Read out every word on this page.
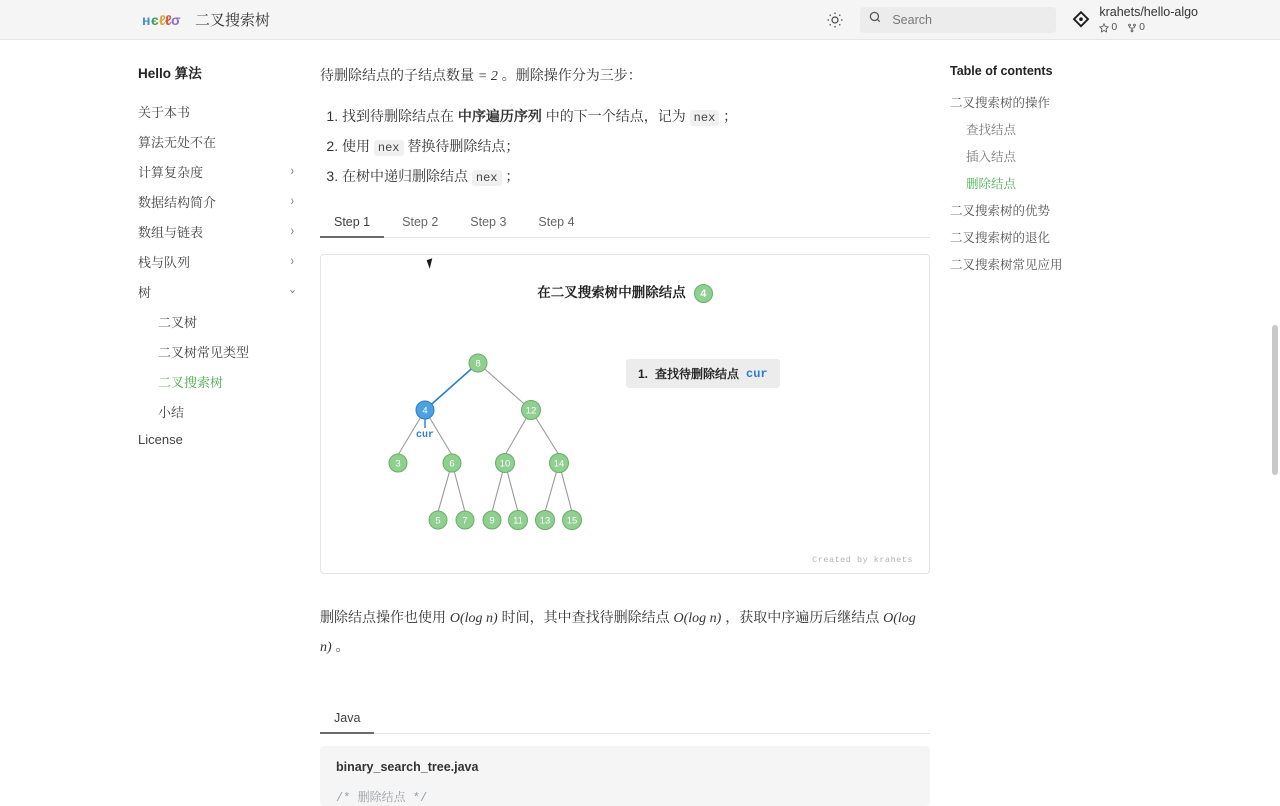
н є ℓ ℓ σ 二叉搜索树
Search
krahets/hello-algo
0 0
Hello 算法
关于本书
算法无处不在
计算复杂度	›
数据结构简介	›
数组与链表	›
栈与队列	›
树	›
二叉树
二叉树常见类型
二叉搜索树
小结
License

待删除结点的子结点数量 = 2 。删除操作分为三步：

1. 找到待删除结点在 中序遍历序列 中的下一个结点，记为 nex ；
2. 使用 nex 替换待删除结点；
3. 在树中递归删除结点 nex ；
Step 1	Step 2	Step 3	Step 4
在二叉搜索树中删除结点 4
8
4	12
3	6	10	14
5 7 9 11 13 15
cur
1. 查找待删除结点 cur
Created by krahets

删除结点操作也使用 O(log n) 时间，其中查找待删除结点 O(log n) ，获取中序遍历后继结点 O(log n) 。

Java
binary_search_tree.java
/* 删除结点 */
Table of contents
二叉搜索树的操作
查找结点
插入结点
删除结点
二叉搜索树的优势
二叉搜索树的退化
二叉搜索树常见应用
